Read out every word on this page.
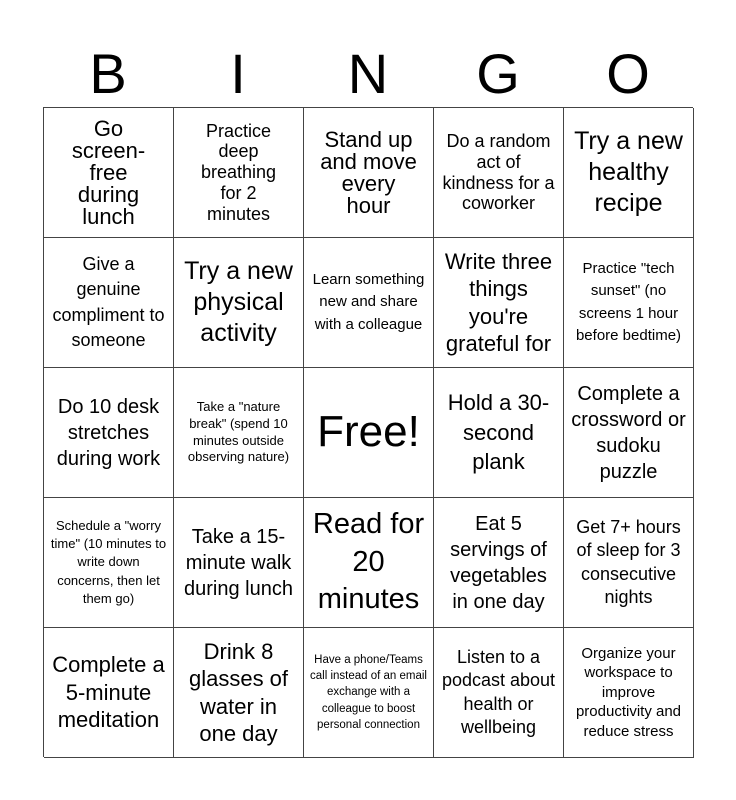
B	I	N	G	O
Go screen-free during lunch
Practice deep breathing for 2 minutes
Stand up and move every hour
Do a random act of kindness for a coworker
Try a new healthy recipe
Give a genuine compliment to someone
Try a new physical activity
Learn something new and share with a colleague
Write three things you're grateful for
Practice "tech sunset" (no screens 1 hour before bedtime)
Do 10 desk stretches during work
Take a "nature break" (spend 10 minutes outside observing nature)
Free!
Hold a 30-second plank
Complete a crossword or sudoku puzzle
Schedule a "worry time" (10 minutes to write down concerns, then let them go)
Take a 15-minute walk during lunch
Read for 20 minutes
Eat 5 servings of vegetables in one day
Get 7+ hours of sleep for 3 consecutive nights
Complete a 5-minute meditation
Drink 8 glasses of water in one day
Have a phone/Teams call instead of an email exchange with a colleague to boost personal connection
Listen to a podcast about health or wellbeing
Organize your workspace to improve productivity and reduce stress
